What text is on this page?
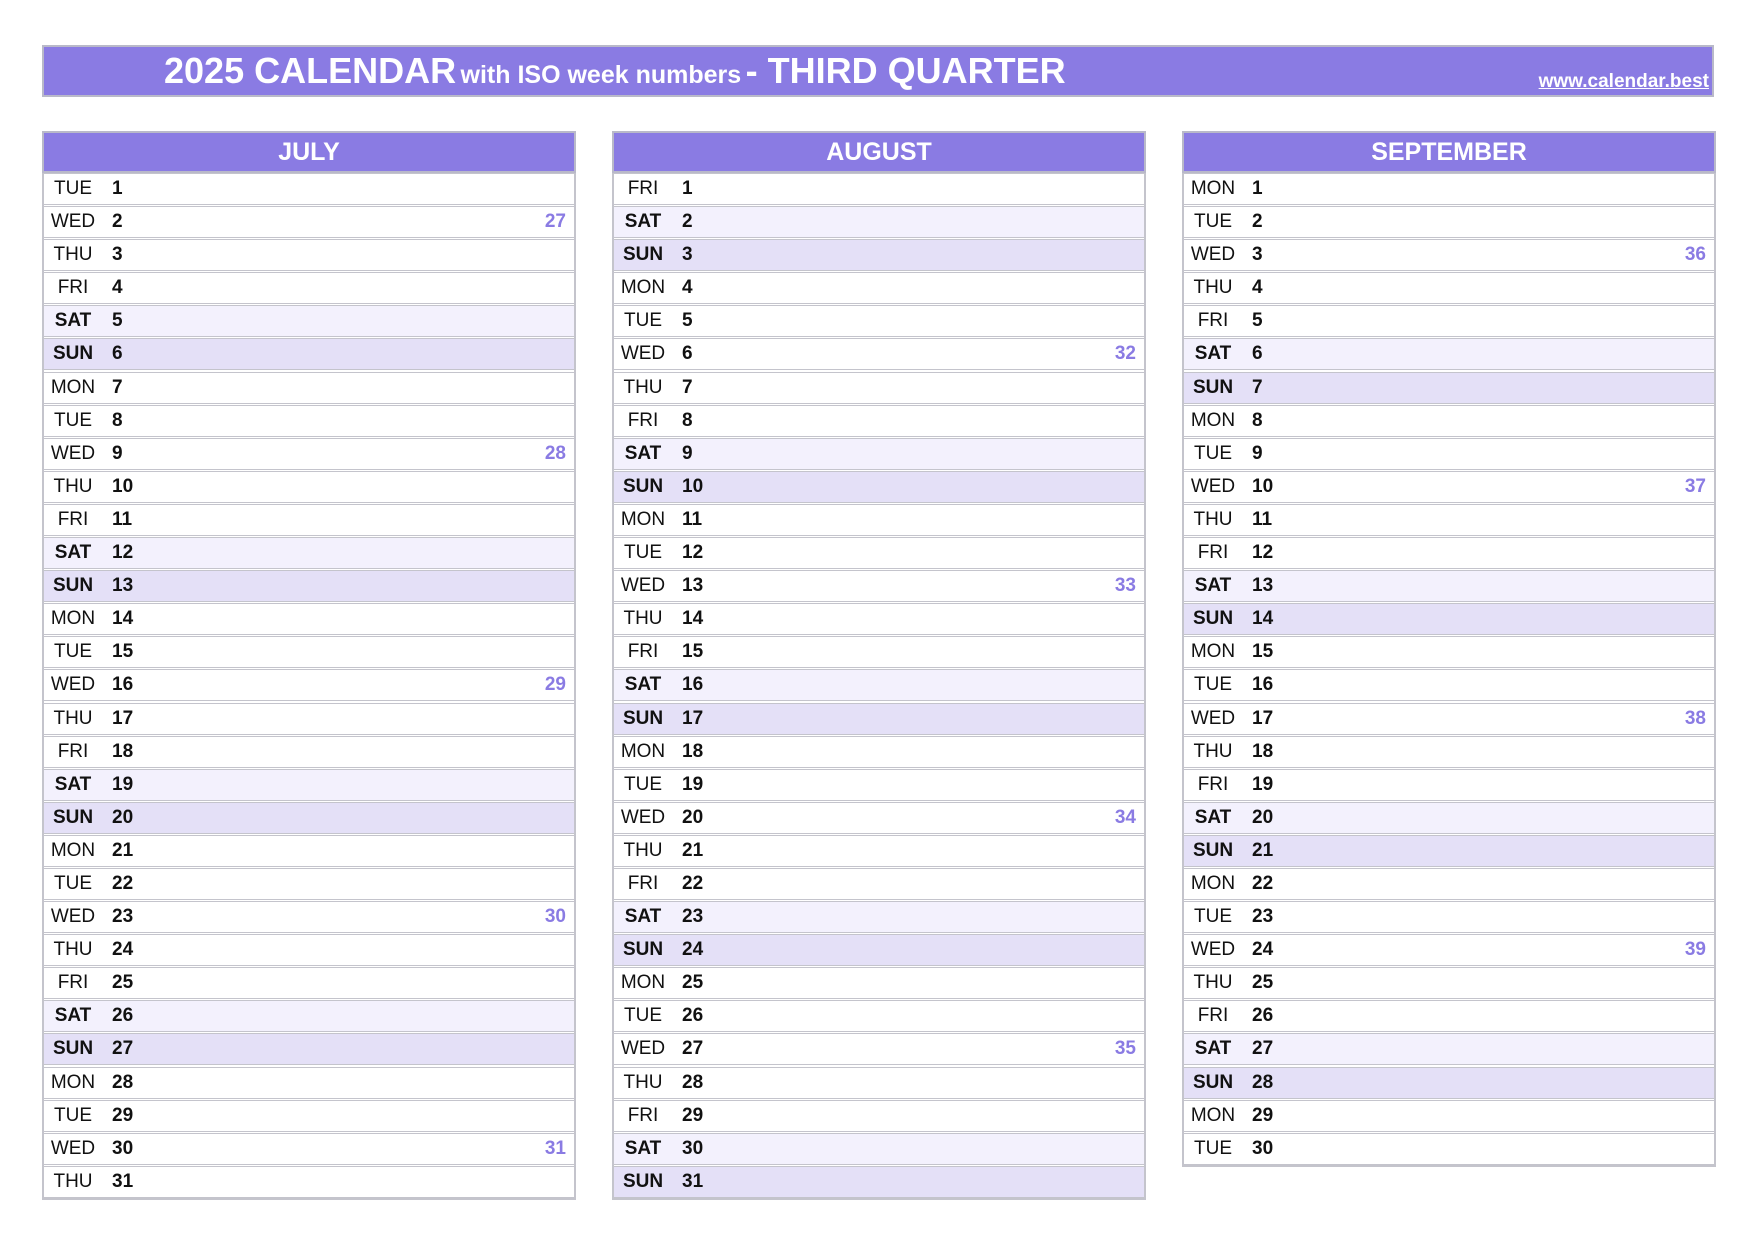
2025 CALENDAR with ISO week numbers - THIRD QUARTER	www.calendar.best
JULY
TUE	1
WED 2	27
THU	3
FRI	4
SAT	5
SUN 6
MON 7
TUE	8
WED 9	28
THU	10
FRI	11
SAT	12
SUN 13
MON 14
TUE	15
WED 16	29
THU	17
FRI	18
SAT	19
SUN 20
MON 21
TUE	22
WED 23	30
THU	24
FRI	25
SAT	26
SUN 27
MON 28
TUE	29
WED 30	31
THU	31
AUGUST
FRI	1
SAT	2
SUN 3
MON 4
TUE	5
WED 6	32
THU	7
FRI	8
SAT	9
SUN 10
MON 11
TUE	12
WED 13	33
THU	14
FRI	15
SAT	16
SUN 17
MON 18
TUE	19
WED 20	34
THU	21
FRI	22
SAT	23
SUN 24
MON 25
TUE	26
WED 27	35
THU	28
FRI	29
SAT	30
SUN 31
SEPTEMBER
MON 1
TUE	2
WED 3	36
THU	4
FRI	5
SAT	6
SUN 7
MON 8
TUE	9
WED 10	37
THU	11
FRI	12
SAT	13
SUN 14
MON 15
TUE	16
WED 17	38
THU	18
FRI	19
SAT	20
SUN 21
MON 22
TUE	23
WED 24	39
THU	25
FRI	26
SAT	27
SUN 28
MON 29
TUE	30
